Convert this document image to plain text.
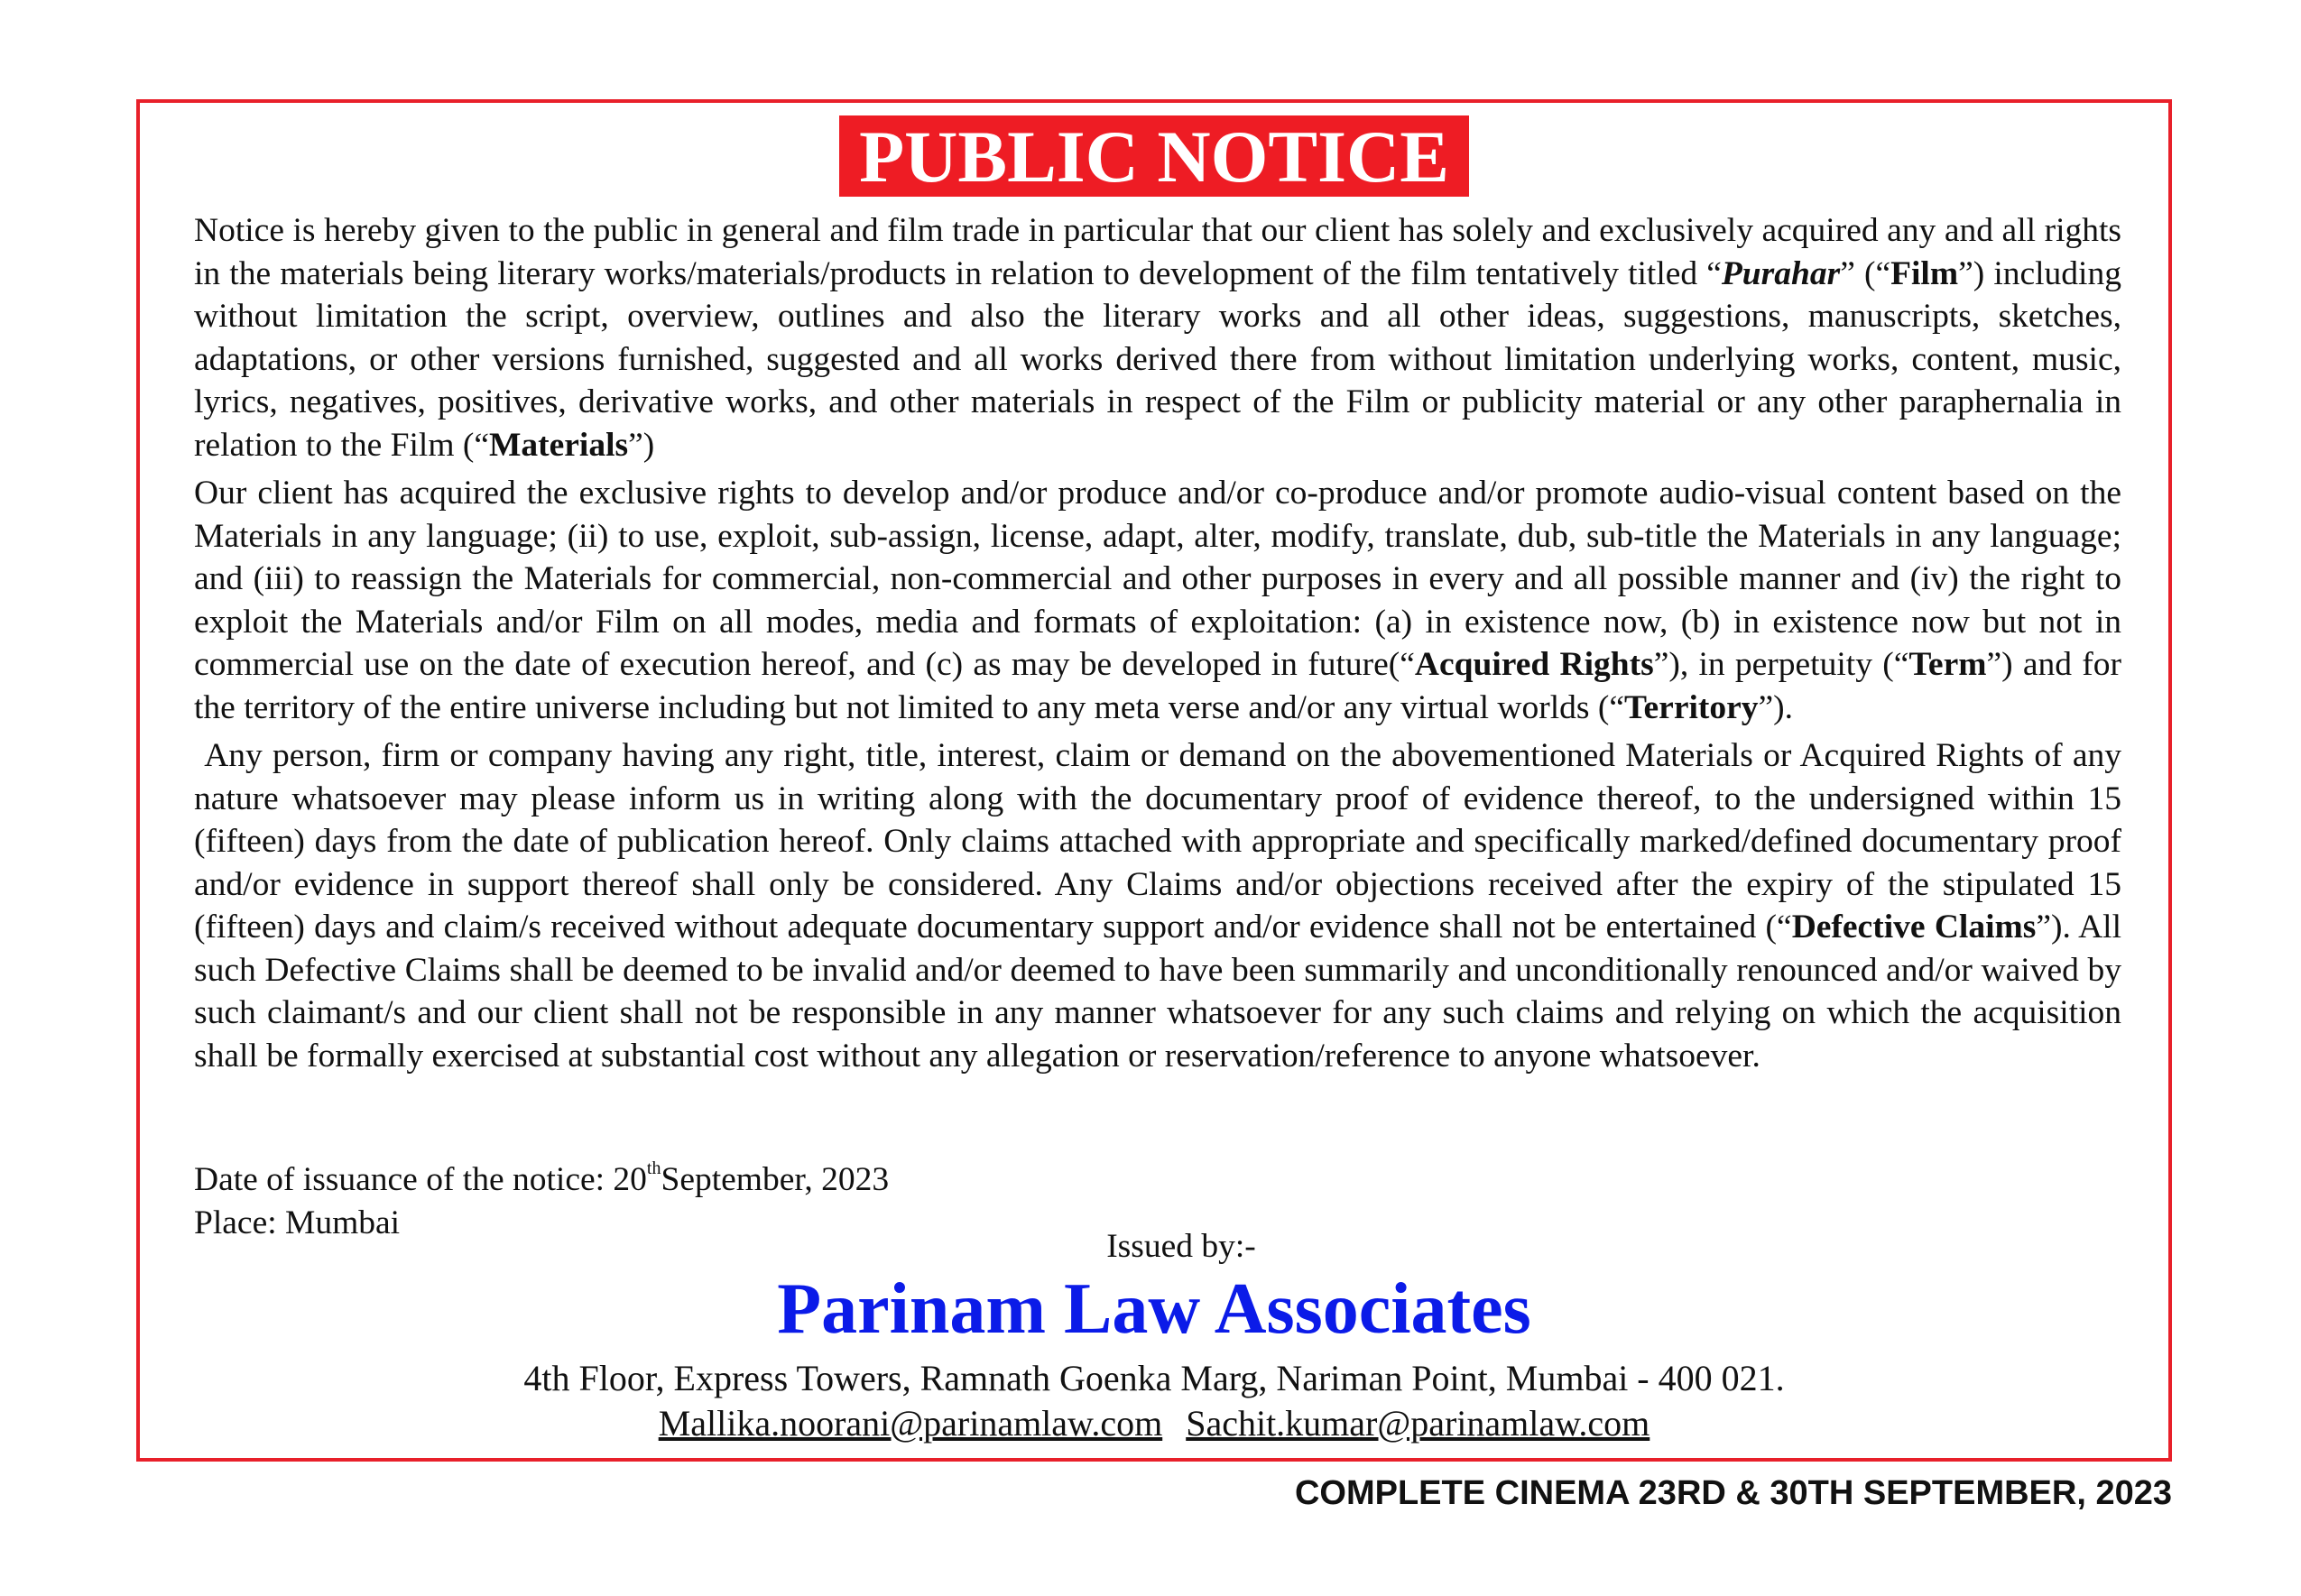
PUBLIC NOTICE

Notice is hereby given to the public in general and film trade in particular that our client has solely and exclusively acquired any and all rights in the materials being literary works/materials/products in relation to development of the film tentatively titled “Purahar” (“Film”) including without limitation the script, overview, outlines and also the literary works and all other ideas, suggestions, manuscripts, sketches, adaptations, or other versions furnished, suggested and all works derived there from without limitation underlying works, content, music, lyrics, negatives, positives, derivative works, and other materials in respect of the Film or publicity material or any other paraphernalia in relation to the Film (“Materials”)

Our client has acquired the exclusive rights to develop and/or produce and/or co-produce and/or promote audio-visual content based on the Materials in any language; (ii) to use, exploit, sub-assign, license, adapt, alter, modify, translate, dub, sub-title the Materials in any language; and (iii) to reassign the Materials for commercial, non-commercial and other purposes in every and all possible manner and (iv) the right to exploit the Materials and/or Film on all modes, media and formats of exploitation: (a) in existence now, (b) in existence now but not in commercial use on the date of execution hereof, and (c) as may be developed in future(“Acquired Rights”), in perpetuity (“Term”) and for the territory of the entire universe including but not limited to any meta verse and/or any virtual worlds (“Territory”).

Any person, firm or company having any right, title, interest, claim or demand on the abovementioned Materials or Acquired Rights of any nature whatsoever may please inform us in writing along with the documentary proof of evidence thereof, to the undersigned within 15 (fifteen) days from the date of publication hereof. Only claims attached with appropriate and specifically marked/defined documentary proof and/or evidence in support thereof shall only be considered. Any Claims and/or objections received after the expiry of the stipulated 15 (fifteen) days and claim/s received without adequate documentary support and/or evidence shall not be entertained (“Defective Claims”). All such Defective Claims shall be deemed to be invalid and/or deemed to have been summarily and unconditionally renounced and/or waived by such claimant/s and our client shall not be responsible in any manner whatsoever for any such claims and relying on which the acquisition shall be formally exercised at substantial cost without any allegation or reservation/reference to anyone whatsoever.

Date of issuance of the notice: 20thSeptember, 2023
Place: Mumbai
Issued by:-
Parinam Law Associates
4th Floor, Express Towers, Ramnath Goenka Marg, Nariman Point, Mumbai - 400 021.
Mallika.noorani@parinamlaw.com Sachit.kumar@parinamlaw.com
COMPLETE CINEMA 23RD & 30TH SEPTEMBER, 2023
